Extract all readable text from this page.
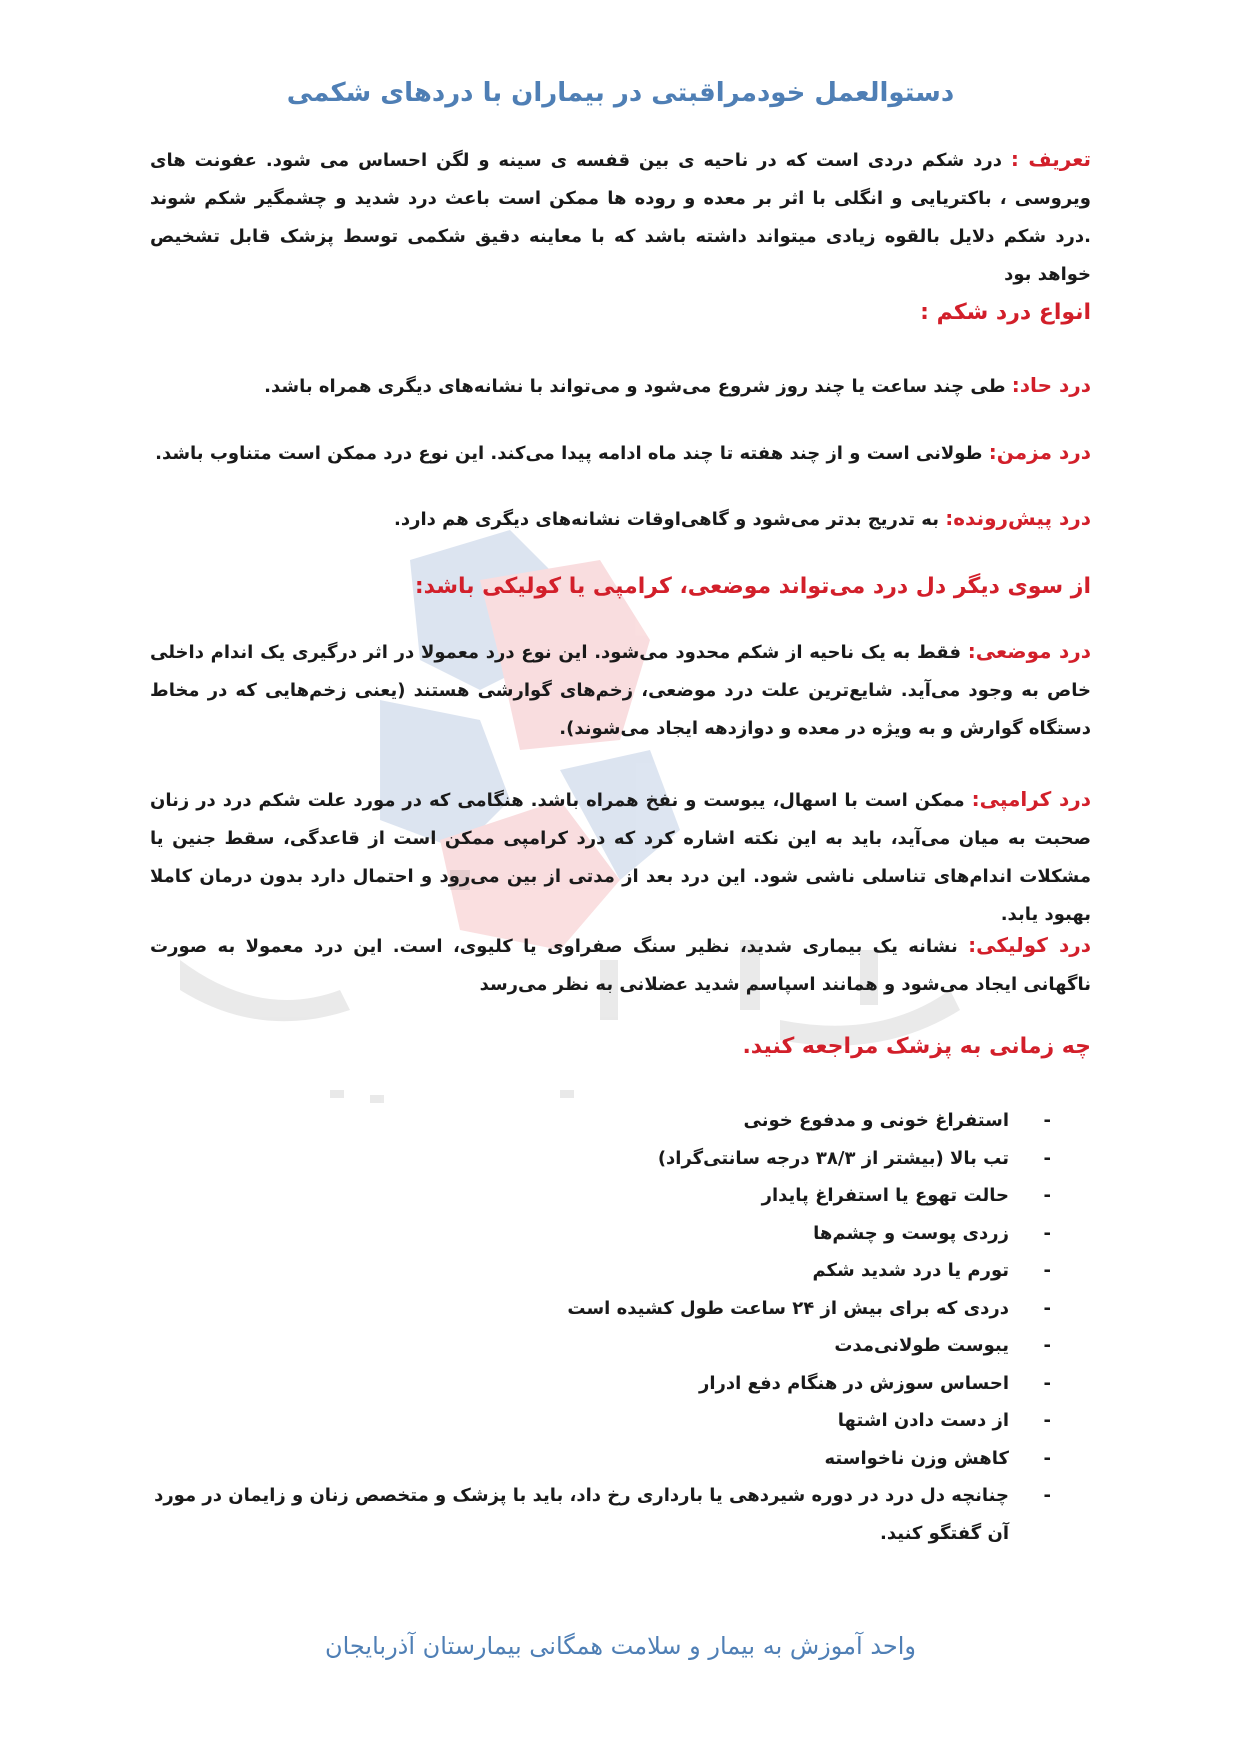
دستوالعمل خودمراقبتی در بیماران با دردهای شکمی
تعریف : درد شکم دردی است که در ناحیه ی بین قفسه ی سینه و لگن احساس می شود. عفونت های ویروسی ، باکتریایی و انگلی با اثر بر معده و روده ها ممکن است باعث درد شدید و چشمگیر شکم شوند .درد شکم دلایل بالقوه زیادی میتواند داشته باشد که با معاینه دقیق شکمی توسط پزشک قابل تشخیص خواهد بود
انواع درد شکم :
درد حاد: طی چند ساعت یا چند روز شروع می‌شود و می‌تواند با نشانه‌های دیگری همراه باشد.
درد مزمن: طولانی است و از چند هفته تا چند ماه ادامه پیدا می‌کند. این نوع درد ممکن است متناوب باشد.
درد پیش‌رونده: به تدریج بدتر می‌شود و گاهی‌اوقات نشانه‌های دیگری هم دارد.
از سوی دیگر دل درد می‌تواند موضعی، کرامپی یا کولیکی باشد:
درد موضعی: فقط به یک ناحیه از شکم محدود می‌شود. این نوع درد معمولا در اثر درگیری یک اندام داخلی خاص به وجود می‌آید. شایع‌ترین علت درد موضعی، زخم‌های گوارشی هستند (یعنی زخم‌هایی که در مخاط دستگاه گوارش و به ویژه در معده و دوازدهه ایجاد می‌شوند).
درد کرامپی: ممکن است با اسهال، یبوست و نفخ همراه باشد. هنگامی که در مورد علت شکم درد در زنان صحبت به میان می‌آید، باید به این نکته اشاره کرد که درد کرامپی ممکن است از قاعدگی، سقط جنین یا مشکلات اندام‌های تناسلی ناشی شود. این درد بعد از مدتی از بین می‌رود و احتمال دارد بدون درمان کاملا بهبود یابد.
درد کولیکی: نشانه یک بیماری شدید، نظیر سنگ صفراوی یا کلیوی، است. این درد معمولا به صورت ناگهانی ایجاد می‌شود و همانند اسپاسم شدید عضلانی به نظر می‌رسد
چه زمانی به پزشک مراجعه کنید.
-
استفراغ خونی و مدفوع خونی
-
تب بالا (بیشتر از ۳۸/۳ درجه سانتی‌گراد)
-
حالت تهوع یا استفراغ پایدار
-
زردی پوست و چشم‌ها
-
تورم یا درد شدید شکم
-
دردی که برای بیش از ۲۴ ساعت طول کشیده است
-
یبوست طولانی‌مدت
-
احساس سوزش در هنگام دفع ادرار
-
از دست دادن اشتها
-
کاهش وزن ناخواسته
-
چنانچه دل درد در دوره شیردهی یا بارداری رخ داد، باید با پزشک و متخصص زنان و زایمان در مورد آن گفتگو کنید.
واحد آموزش به بیمار و سلامت همگانی بیمارستان آذربایجان
